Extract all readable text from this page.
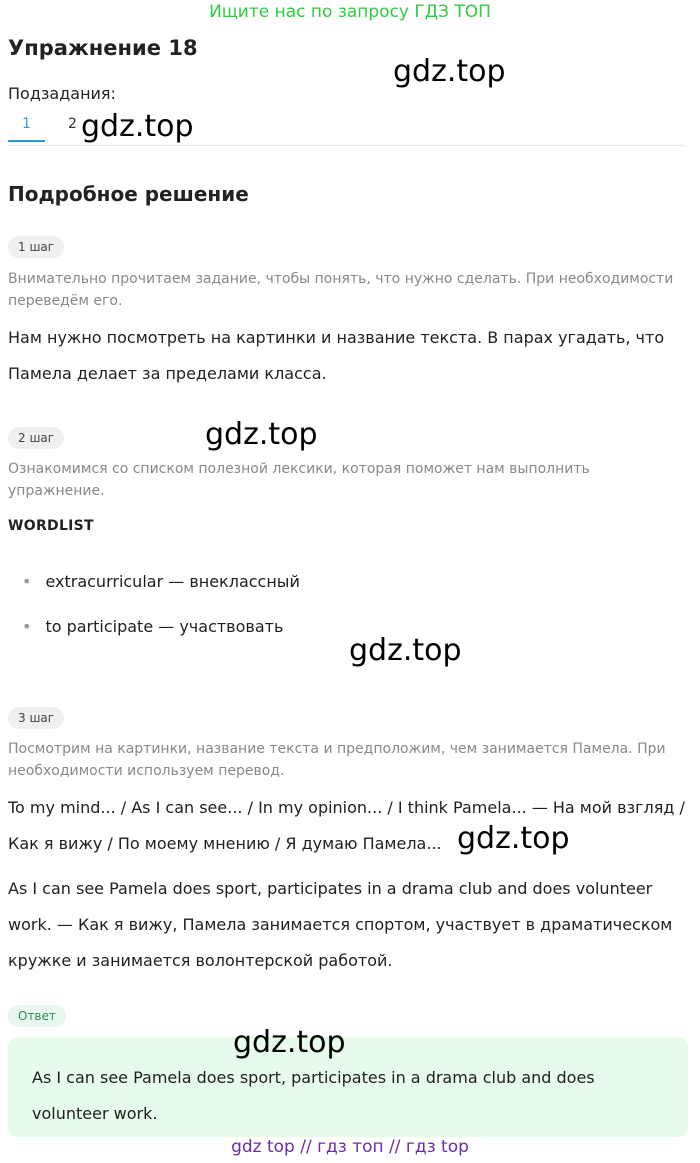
Ищите нас по запросу ГДЗ ТОП
Упражнение 18
Подзадания:
1	2
Подробное решение
1 шаг
Внимательно прочитаем задание, чтобы понять, что нужно сделать. При необходимости переведём его.
Нам нужно посмотреть на картинки и название текста. В парах угадать, что Памела делает за пределами класса.
2 шаг
Ознакомимся со списком полезной лексики, которая поможет нам выполнить упражнение.
WORDLIST
• extracurricular — внеклассный
• to participate — участвовать
3 шаг
Посмотрим на картинки, название текста и предположим, чем занимается Памела. При необходимости используем перевод.
To my mind... / As I can see... / In my opinion... / I think Pamela... — На мой взгляд / Как я вижу / По моему мнению / Я думаю Памела...
As I can see Pamela does sport, participates in a drama club and does volunteer work. — Как я вижу, Памела занимается спортом, участвует в драматическом кружке и занимается волонтерской работой.
Ответ
As I can see Pamela does sport, participates in a drama club and does volunteer work.
gdz.top
gdz.top
gdz.top
gdz.top
gdz.top
gdz.top
gdz top // гдз топ // гдз top
